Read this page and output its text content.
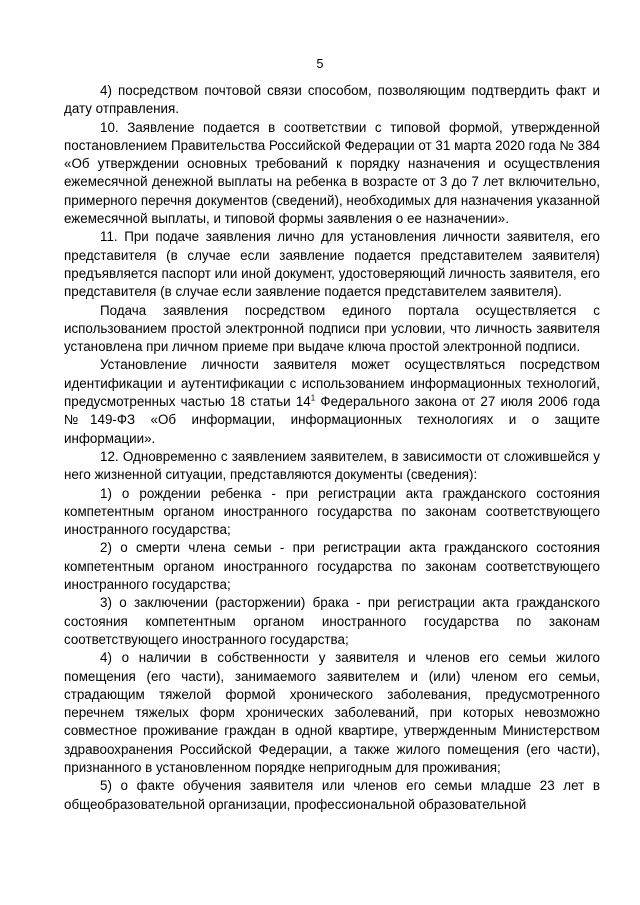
5

4) посредством почтовой связи способом, позволяющим подтвердить факт и дату отправления.

10. Заявление подается в соответствии с типовой формой, утвержденной постановлением Правительства Российской Федерации от 31 марта 2020 года № 384 «Об утверждении основных требований к порядку назначения и осуществления ежемесячной денежной выплаты на ребенка в возрасте от 3 до 7 лет включительно, примерного перечня документов (сведений), необходимых для назначения указанной ежемесячной выплаты, и типовой формы заявления о ее назначении».

11. При подаче заявления лично для установления личности заявителя, его представителя (в случае если заявление подается представителем заявителя) предъявляется паспорт или иной документ, удостоверяющий личность заявителя, его представителя (в случае если заявление подается представителем заявителя).

Подача заявления посредством единого портала осуществляется с использованием простой электронной подписи при условии, что личность заявителя установлена при личном приеме при выдаче ключа простой электронной подписи.

Установление личности заявителя может осуществляться посредством идентификации и аутентификации с использованием информационных технологий, предусмотренных частью 18 статьи $14^1$ Федерального закона от 27 июля 2006 года №149-ФЗ «Об информации, информационных технологиях и о защите информации».

12. Одновременно с заявлением заявителем, в зависимости от сложившейся у него жизненной ситуации, представляются документы (сведения):

1) о рождении ребенка - при регистрации акта гражданского состояния компетентным органом иностранного государства по законам соответствующего иностранного государства;

2) о смерти члена семьи - при регистрации акта гражданского состояния компетентным органом иностранного государства по законам соответствующего иностранного государства;

3) о заключении (расторжении) брака - при регистрации акта гражданского состояния компетентным органом иностранного государства по законам соответствующего иностранного государства;

4) о наличии в собственности у заявителя и членов его семьи жилого помещения (его части), занимаемого заявителем и (или) членом его семьи, страдающим тяжелой формой хронического заболевания, предусмотренного перечнем тяжелых форм хронических заболеваний, при которых невозможно совместное проживание граждан в одной квартире, утвержденным Министерством здравоохранения Российской Федерации, а также жилого помещения (его части), признанного в установленном порядке непригодным для проживания;

5) о факте обучения заявителя или членов его семьи младше 23 лет в общеобразовательной организации, профессиональной образовательной
